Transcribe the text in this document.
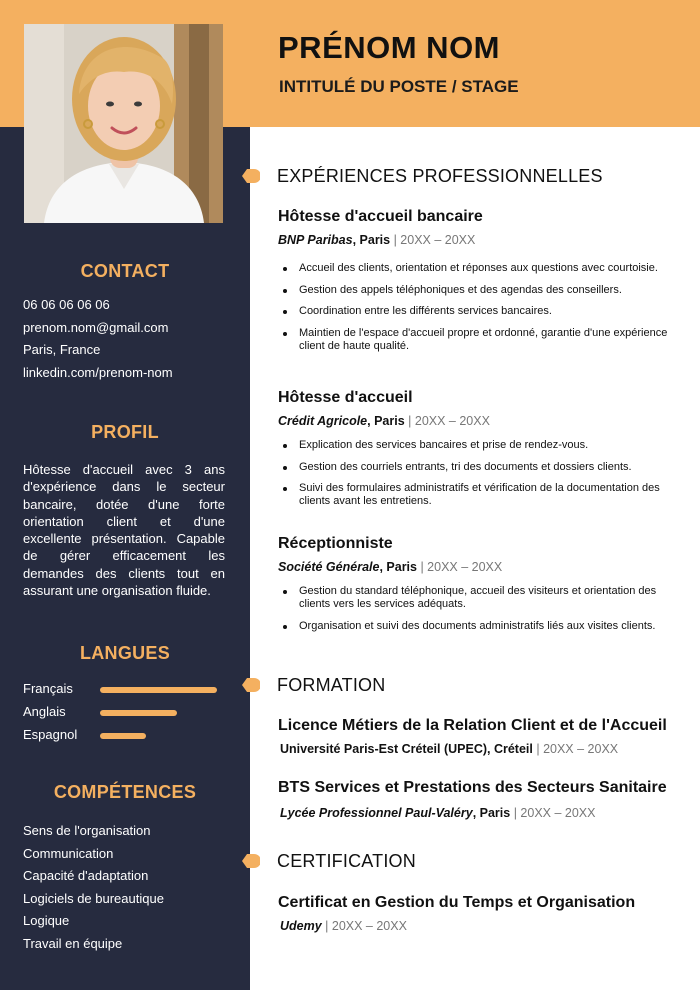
PRÉNOM NOM
INTITULÉ DU POSTE / STAGE
CONTACT
06 06 06 06 06
prenom.nom@gmail.com
Paris, France
linkedin.com/prenom-nom
PROFIL
Hôtesse d'accueil avec 3 ans d'expérience dans le secteur bancaire, dotée d'une forte orientation client et d'une excellente présentation. Capable de gérer efficacement les demandes des clients tout en assurant une organisation fluide.
LANGUES
Français
Anglais
Espagnol
COMPÉTENCES
Sens de l'organisation
Communication
Capacité d'adaptation
Logiciels de bureautique
Logique
Travail en équipe
EXPÉRIENCES PROFESSIONNELLES
Hôtesse d'accueil bancaire
BNP Paribas, Paris | 20XX – 20XX
Accueil des clients, orientation et réponses aux questions avec courtoisie.
Gestion des appels téléphoniques et des agendas des conseillers.
Coordination entre les différents services bancaires.
Maintien de l'espace d'accueil propre et ordonné, garantie d'une expérience client de haute qualité.
Hôtesse d'accueil
Crédit Agricole, Paris | 20XX – 20XX
Explication des services bancaires et prise de rendez-vous.
Gestion des courriels entrants, tri des documents et dossiers clients.
Suivi des formulaires administratifs et vérification de la documentation des clients avant les entretiens.
Réceptionniste
Société Générale, Paris | 20XX – 20XX
Gestion du standard téléphonique, accueil des visiteurs et orientation des clients vers les services adéquats.
Organisation et suivi des documents administratifs liés aux visites clients.
FORMATION
Licence Métiers de la Relation Client et de l'Accueil
Université Paris-Est Créteil (UPEC), Créteil | 20XX – 20XX
BTS Services et Prestations des Secteurs Sanitaire
Lycée Professionnel Paul-Valéry, Paris | 20XX – 20XX
CERTIFICATION
Certificat en Gestion du Temps et Organisation
Udemy | 20XX – 20XX
